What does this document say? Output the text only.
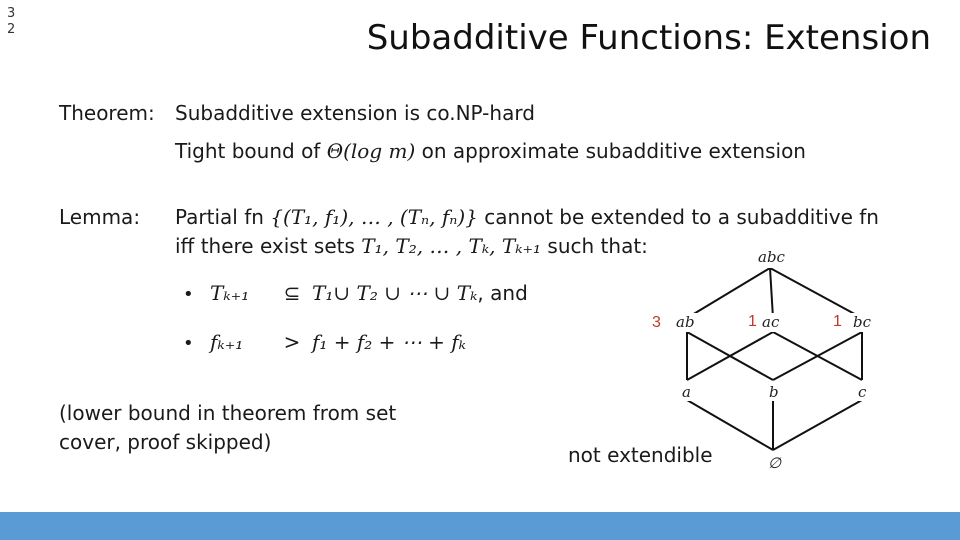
32	Subadditive Functions: Extension
Theorem: Subadditive extension is co.NP-hard
Tight bound of Θ(log m) on approximate subadditive extension
Lemma: Partial fn {(T₁, f₁), … , (Tₙ, fₙ)} cannot be extended to a subadditive fn
iff there exist sets T₁, T₂, … , Tₖ, Tₖ₊₁ such that:
• Tₖ₊₁ ⊆ T₁∪ T₂ ∪ ⋯ ∪ Tₖ, and
• fₖ₊₁ > f₁ + f₂ + ⋯ + fₖ
(lower bound in theorem from set cover, proof skipped)
abc
ab	ac	bc
a	b	c
∅
3	1	1
not extendible
